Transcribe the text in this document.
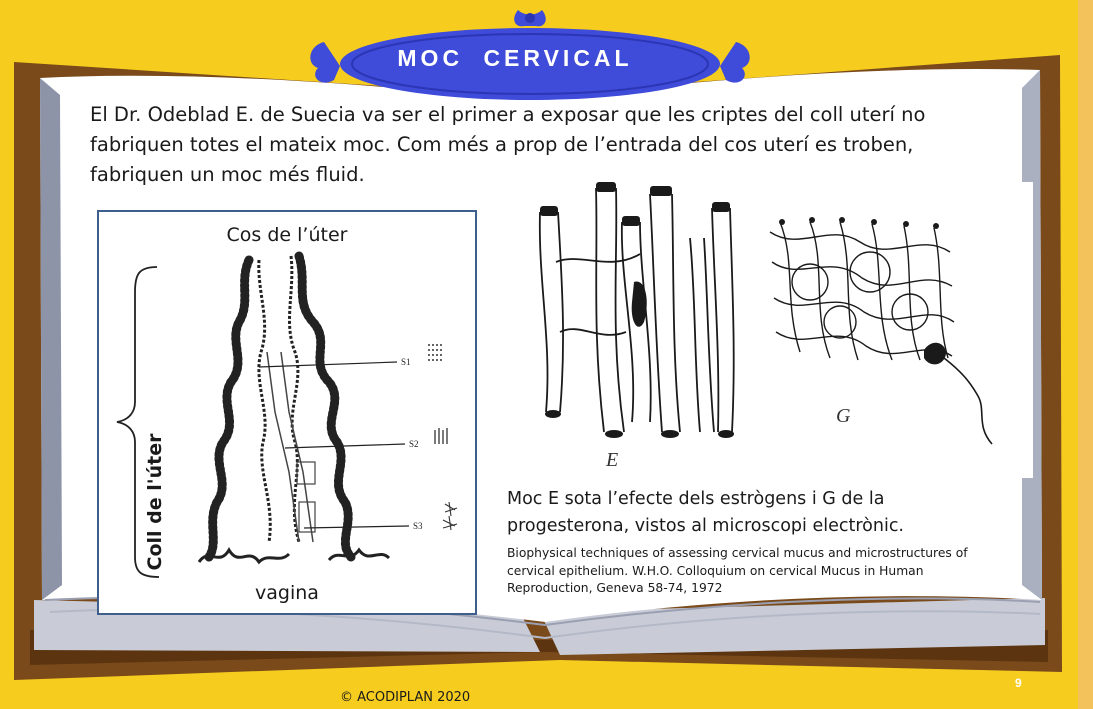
MOC CERVICAL
El Dr. Odeblad E. de Suecia va ser el primer a exposar que les criptes del coll uterí no fabriquen totes el mateix moc. Com més a prop de l’entrada del cos uterí es troben, fabriquen un moc més fluid.
Cos de l’úter
vagina
Coll de l'úter
S1
S2
S3
E
G
Moc E sota l’efecte dels estrògens i G de la progesterona, vistos al microscopi electrònic.
Biophysical techniques of assessing cervical mucus and microstructures of cervical epithelium. W.H.O. Colloquium on cervical Mucus in Human Reproduction, Geneva 58-74, 1972
© ACODIPLAN 2020
9
